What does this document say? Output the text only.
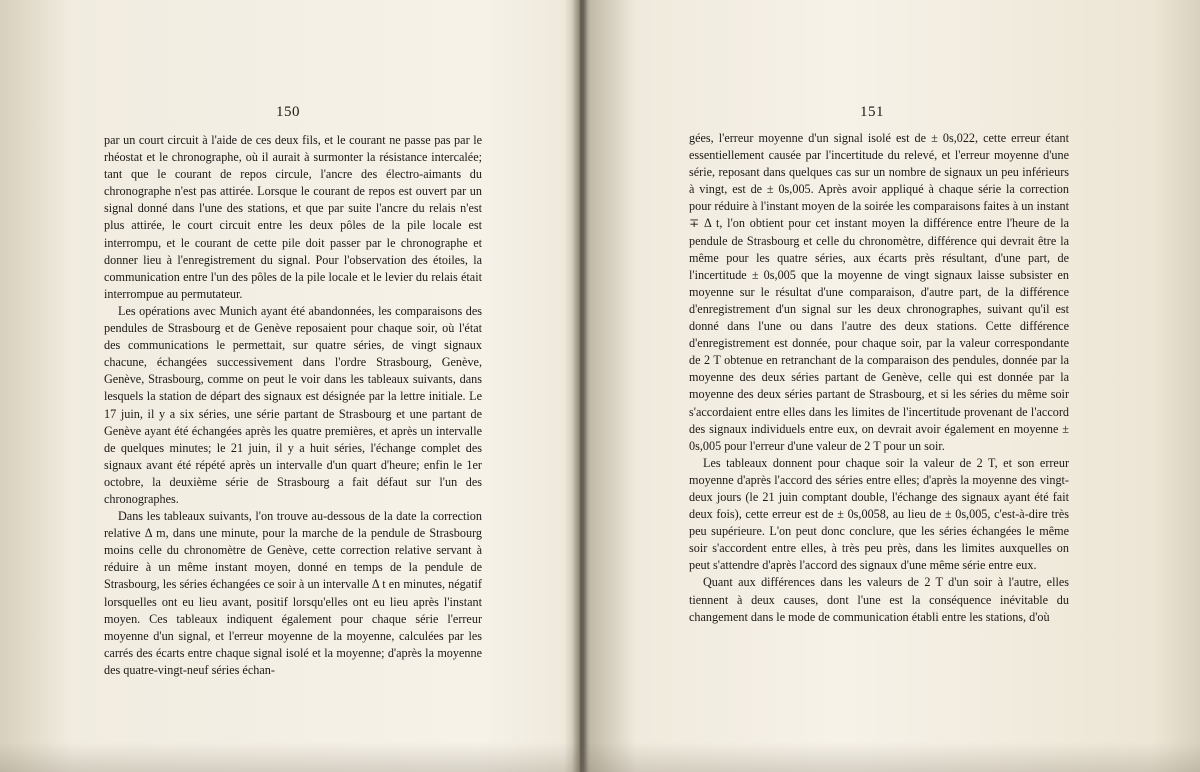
150

par un court circuit à l'aide de ces deux fils, et le courant ne passe pas par le rhéostat et le chronographe, où il aurait à surmonter la résistance intercalée; tant que le courant de repos circule, l'ancre des électro-aimants du chronographe n'est pas attirée. Lorsque le courant de repos est ouvert par un signal donné dans l'une des stations, et que par suite l'ancre du relais n'est plus attirée, le court circuit entre les deux pôles de la pile locale est interrompu, et le courant de cette pile doit passer par le chronographe et donner lieu à l'enregistrement du signal. Pour l'observation des étoiles, la communication entre l'un des pôles de la pile locale et le levier du relais était interrompue au permutateur.

Les opérations avec Munich ayant été abandonnées, les comparaisons des pendules de Strasbourg et de Genève reposaient pour chaque soir, où l'état des communications le permettait, sur quatre séries, de vingt signaux chacune, échangées successivement dans l'ordre Strasbourg, Genève, Genève, Strasbourg, comme on peut le voir dans les tableaux suivants, dans lesquels la station de départ des signaux est désignée par la lettre initiale. Le 17 juin, il y a six séries, une série partant de Strasbourg et une partant de Genève ayant été échangées après les quatre premières, et après un intervalle de quelques minutes; le 21 juin, il y a huit séries, l'échange complet des signaux avant été répété après un intervalle d'un quart d'heure; enfin le 1er octobre, la deuxième série de Strasbourg a fait défaut sur l'un des chronographes.

Dans les tableaux suivants, l'on trouve au-dessous de la date la correction relative Δ m, dans une minute, pour la marche de la pendule de Strasbourg moins celle du chronomètre de Genève, cette correction relative servant à réduire à un même instant moyen, donné en temps de la pendule de Strasbourg, les séries échangées ce soir à un intervalle Δ t en minutes, négatif lorsquelles ont eu lieu avant, positif lorsqu'elles ont eu lieu après l'instant moyen. Ces tableaux indiquent également pour chaque série l'erreur moyenne d'un signal, et l'erreur moyenne de la moyenne, calculées par les carrés des écarts entre chaque signal isolé et la moyenne; d'après la moyenne des quatre-vingt-neuf séries échan-

151

gées, l'erreur moyenne d'un signal isolé est de ± 0s,022, cette erreur étant essentiellement causée par l'incertitude du relevé, et l'erreur moyenne d'une série, reposant dans quelques cas sur un nombre de signaux un peu inférieurs à vingt, est de ± 0s,005. Après avoir appliqué à chaque série la correction pour réduire à l'instant moyen de la soirée les comparaisons faites à un instant ∓ Δ t, l'on obtient pour cet instant moyen la différence entre l'heure de la pendule de Strasbourg et celle du chronomètre, différence qui devrait être la même pour les quatre séries, aux écarts près résultant, d'une part, de l'incertitude ± 0s,005 que la moyenne de vingt signaux laisse subsister en moyenne sur le résultat d'une comparaison, d'autre part, de la différence d'enregistrement d'un signal sur les deux chronographes, suivant qu'il est donné dans l'une ou dans l'autre des deux stations. Cette différence d'enregistrement est donnée, pour chaque soir, par la valeur correspondante de 2 T obtenue en retranchant de la comparaison des pendules, donnée par la moyenne des deux séries partant de Genève, celle qui est donnée par la moyenne des deux séries partant de Strasbourg, et si les séries du même soir s'accordaient entre elles dans les limites de l'incertitude provenant de l'accord des signaux individuels entre eux, on devrait avoir également en moyenne ± 0s,005 pour l'erreur d'une valeur de 2 T pour un soir.

Les tableaux donnent pour chaque soir la valeur de 2 T, et son erreur moyenne d'après l'accord des séries entre elles; d'après la moyenne des vingt-deux jours (le 21 juin comptant double, l'échange des signaux ayant été fait deux fois), cette erreur est de ± 0s,0058, au lieu de ± 0s,005, c'est-à-dire très peu supérieure. L'on peut donc conclure, que les séries échangées le même soir s'accordent entre elles, à très peu près, dans les limites auxquelles on peut s'attendre d'après l'accord des signaux d'une même série entre eux.

Quant aux différences dans les valeurs de 2 T d'un soir à l'autre, elles tiennent à deux causes, dont l'une est la conséquence inévitable du changement dans le mode de communication établi entre les stations, d'où
